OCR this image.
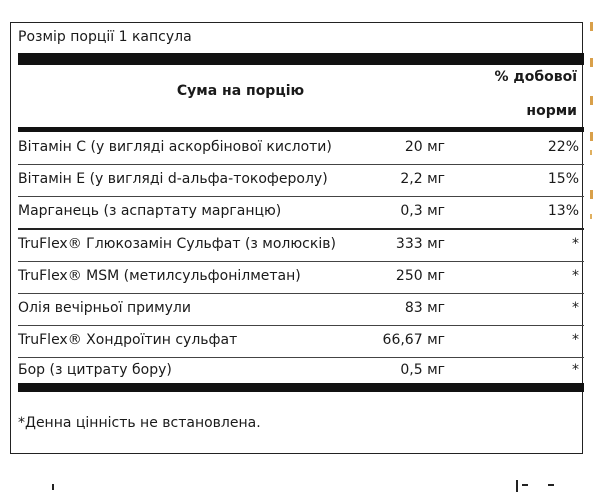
Розмір порції 1 капсула
% добової
Сума на порцію
норми
Вітамін C (у вигляді аскорбінової кислоти)	20 мг	22%
Вітамін E (у вигляді d-альфа-токоферолу)	2,2 мг	15%
Марганець (з аспартату марганцю)	0,3 мг	13%
TruFlex® Глюкозамін Сульфат (з молюсків)	333 мг	*
TruFlex® MSM (метилсульфонілметан)	250 мг	*
Олія вечірньої примули	83 мг	*
TruFlex® Хондроїтин сульфат	66,67 мг	*
Бор (з цитрату бору)	0,5 мг	*
*Денна цінність не встановлена.
